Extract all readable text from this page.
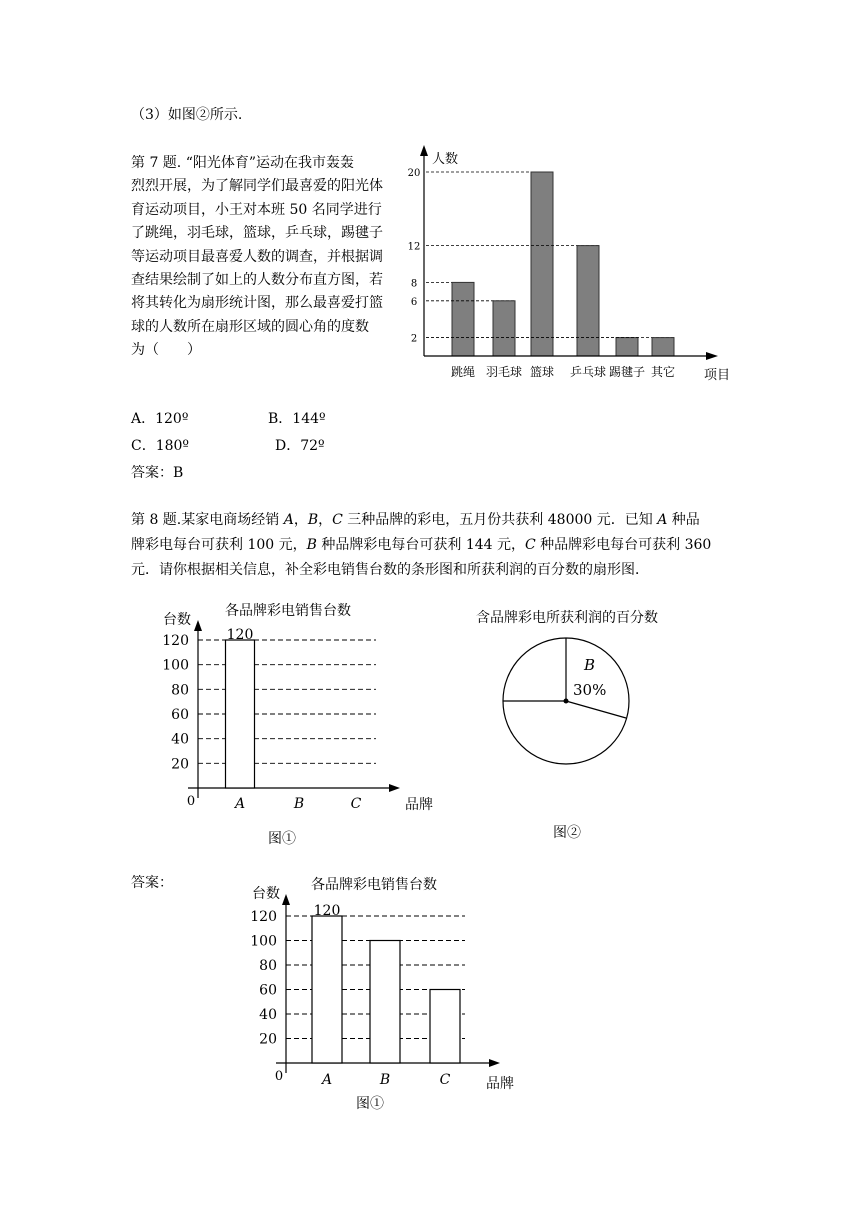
（3）如图②所示.
第 7 题. “阳光体育”运动在我市轰轰
烈烈开展，为了解同学们最喜爱的阳光体
育运动项目，小王对本班 50 名同学进行
了跳绳，羽毛球，篮球，乒乓球，踢毽子
等运动项目最喜爱人数的调查，并根据调
查结果绘制了如上的人数分布直方图，若
将其转化为扇形统计图，那么最喜爱打篮
球的人数所在扇形区域的圆心角的度数
为（　　）
A．120º	B．144º
C．180º	D．72º
答案：B
2
6
8
12
20
跳绳 羽毛球 篮球 乒乓球 踢毽子 其它
人数
项目
第 8 题.某家电商场经销 A，B，C 三种品牌的彩电，五月份共获利 48000 元．已知 A 种品
牌彩电每台可获利 100 元，B 种品牌彩电每台可获利 144 元，C 种品牌彩电每台可获利 360
元．请你根据相关信息，补全彩电销售台数的条形图和所获利润的百分数的扇形图．
各品牌彩电销售台数
台数
品牌
0
20
40
60
80
100
120
A
120
B	C
图①
含品牌彩电所获利润的百分数
B
30%
图②
答案：	各品牌彩电销售台数
台数
品牌
0
20
40
60
80
100
120
A
120
B	C
图①
